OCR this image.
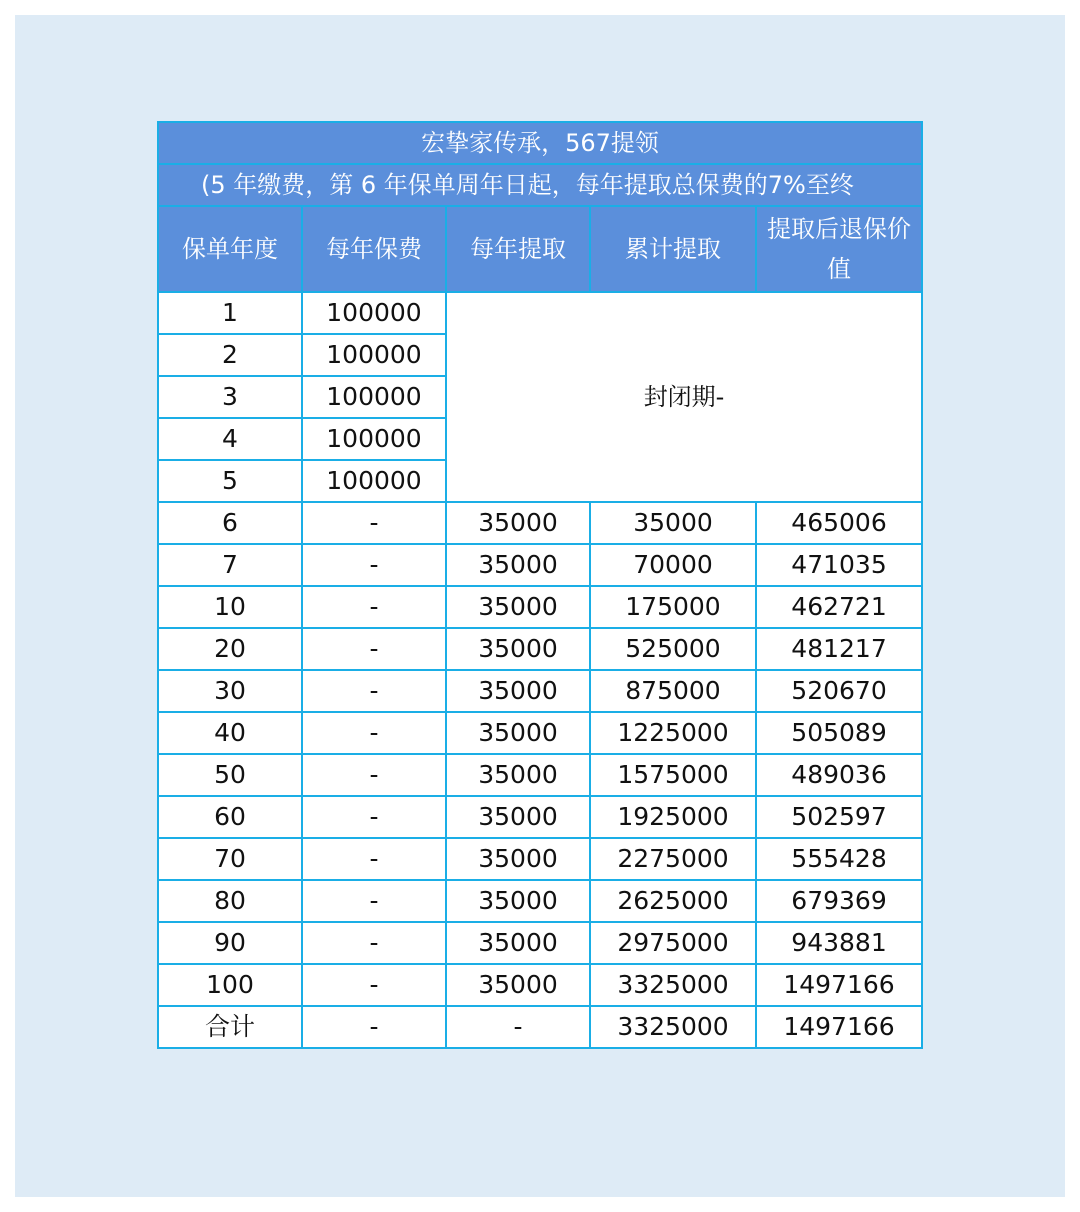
宏挚家传承，567提领				
(5 年缴费，第 6 年保单周年日起，每年提取总保费的7%至终				
保单年度	每年保费	每年提取	累计提取	提取后退保价值
1	100000	封闭期-		
2	100000			
3	100000			
4	100000			
5	100000			
6	-	35000	35000	465006
7	-	35000	70000	471035
10	-	35000	175000	462721
20	-	35000	525000	481217
30	-	35000	875000	520670
40	-	35000	1225000	505089
50	-	35000	1575000	489036
60	-	35000	1925000	502597
70	-	35000	2275000	555428
80	-	35000	2625000	679369
90	-	35000	2975000	943881
100	-	35000	3325000	1497166
合计	-	-	3325000	1497166
